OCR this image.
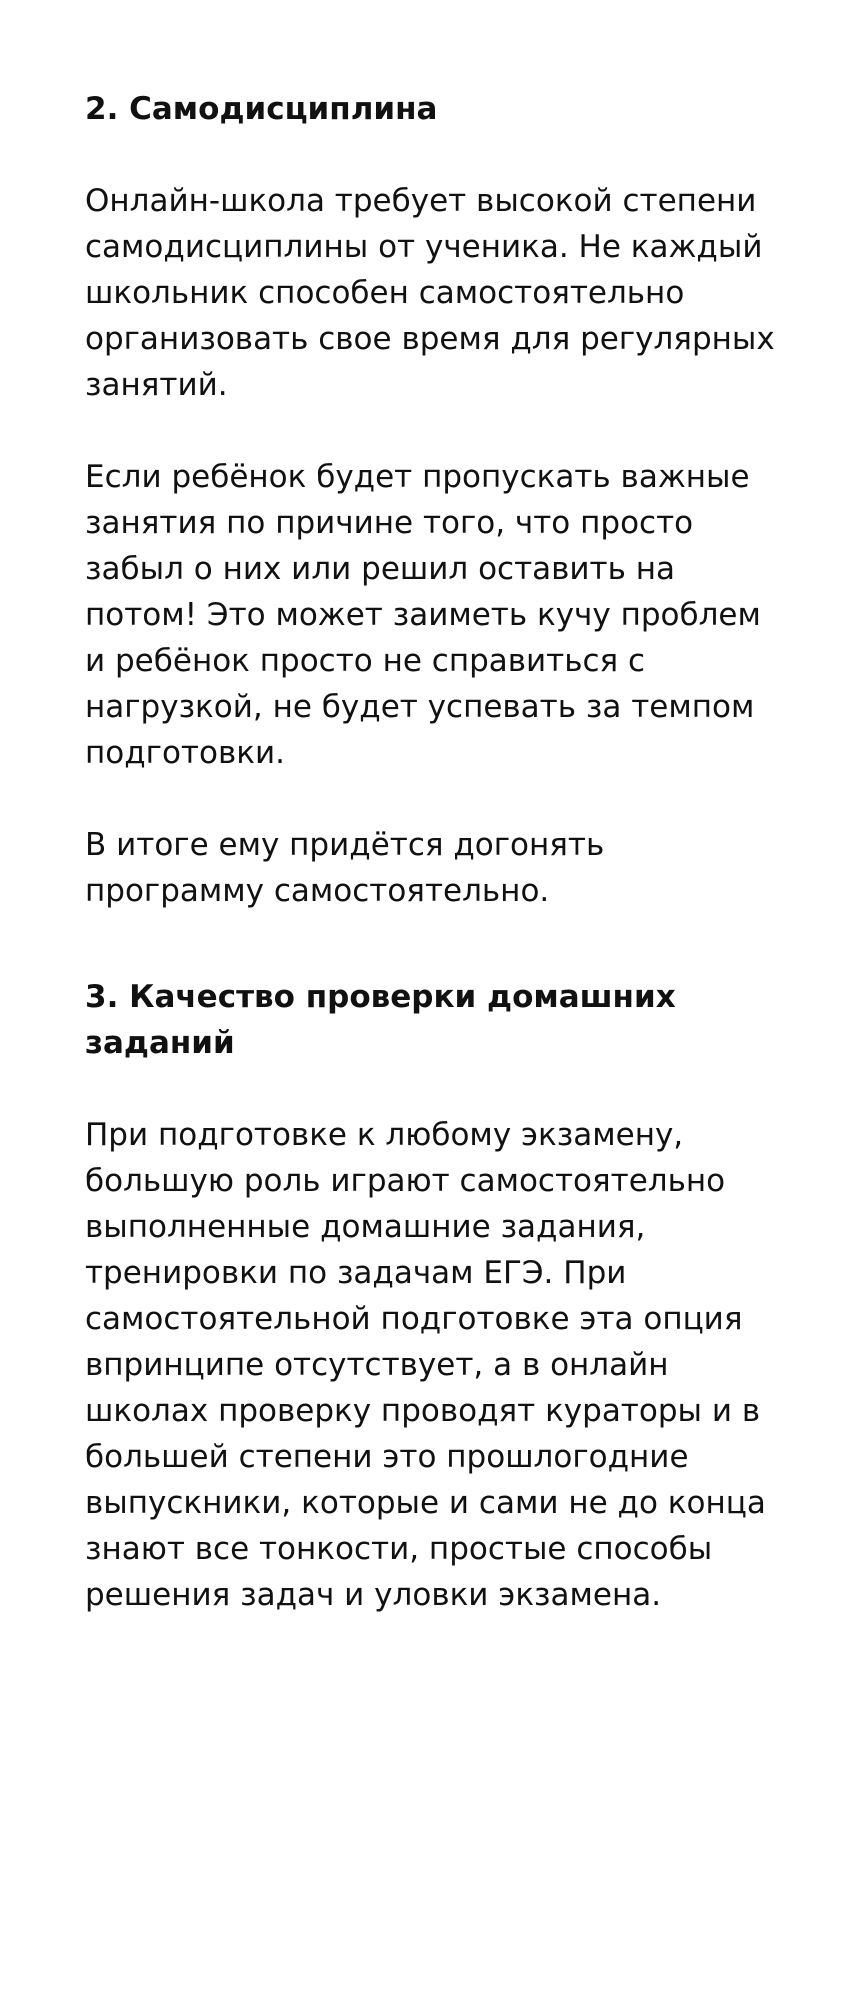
2. Самодисциплина

Онлайн-школа требует высокой степени самодисциплины от ученика. Не каждый школьник способен самостоятельно организовать свое время для регулярных занятий.

Если ребёнок будет пропускать важные занятия по причине того, что просто забыл о них или решил оставить на потом! Это может заиметь кучу проблем и ребёнок просто не справиться с нагрузкой, не будет успевать за темпом подготовки.

В итоге ему придётся догонять программу самостоятельно.

3. Качество проверки домашних заданий

При подготовке к любому экзамену, большую роль играют самостоятельно выполненные домашние задания, тренировки по задачам ЕГЭ. При самостоятельной подготовке эта опция впринципе отсутствует, а в онлайн школах проверку проводят кураторы и в большей степени это прошлогодние выпускники, которые и сами не до конца знают все тонкости, простые способы решения задач и уловки экзамена.
